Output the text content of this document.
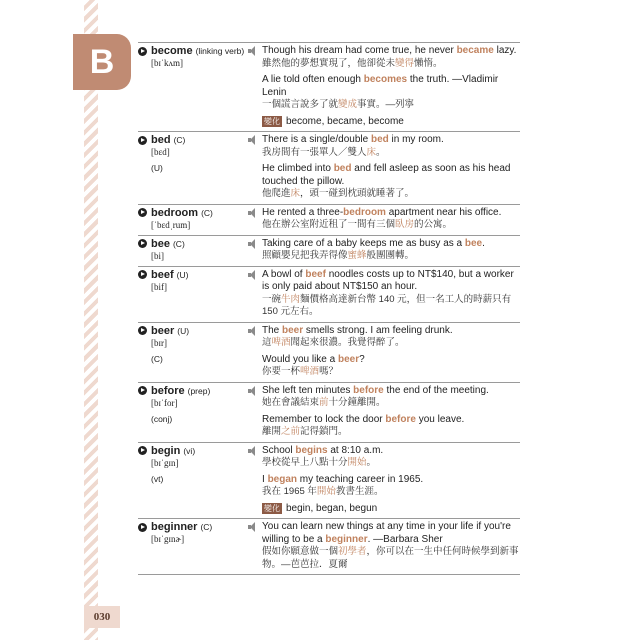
B
030
become (linking verb)
[bɪˈkʌm]
Though his dream had come true, he never became lazy.
雖然他的夢想實現了，他卻從未變得懶惰。
A lie told often enough becomes the truth. —Vladimir Lenin
一個謊言說多了就變成事實。—列寧
變化 become, became, become
bed (C)
[bɛd]
There is a single/double bed in my room.
我房間有一張單人／雙人床。
(U)	He climbed into bed and fell asleep as soon as his head touched the pillow.
他爬進床，頭一碰到枕頭就睡著了。
bedroom (C)
[ˈbɛdˌrum]
He rented a three-bedroom apartment near his office.
他在辦公室附近租了一間有三個臥房的公寓。
bee (C)
[bi]
Taking care of a baby keeps me as busy as a bee.
照顧嬰兒把我弄得像蜜蜂般團團轉。
beef (U)
[bif]
A bowl of beef noodles costs up to NT$140, but a worker is only paid about NT$150 an hour.
一碗牛肉麵價格高達新台幣 140 元，但一名工人的時薪只有 150 元左右。
beer (U)
[bɪr]
The beer smells strong. I am feeling drunk.
這啤酒聞起來很濃。我覺得醉了。
(C)	Would you like a beer?
你要一杯啤酒嗎？
before (prep)
[bɪˈfor]
She left ten minutes before the end of the meeting.
她在會議結束前十分鐘離開。
(conj)	Remember to lock the door before you leave.
離開之前記得鎖門。
begin (vi)
[bɪˈgɪn]
School begins at 8:10 a.m.
學校從早上八點十分開始。
(vt)	I began my teaching career in 1965.
我在 1965 年開始教書生涯。
變化 begin, began, begun
beginner (C)
[bɪˈgɪnɚ]
You can learn new things at any time in your life if you're willing to be a beginner. —Barbara Sher
假如你願意做一個初學者，你可以在一生中任何時候學到新事物。—芭芭拉．夏爾
